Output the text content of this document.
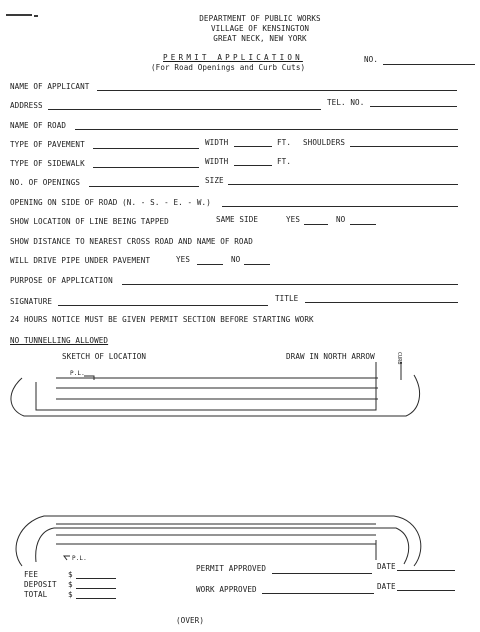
DEPARTMENT OF PUBLIC WORKS
VILLAGE OF KENSINGTON
GREAT NECK, NEW YORK
PERMIT APPLICATION
(For Road Openings and Curb Cuts)
NO.
NAME OF APPLICANT
ADDRESS	TEL. NO.
NAME OF ROAD
TYPE OF PAVEMENT	WIDTH	FT. SHOULDERS
TYPE OF SIDEWALK	WIDTH	FT.
NO. OF OPENINGS	SIZE
OPENING ON SIDE OF ROAD (N. - S. - E. - W.)
SHOW LOCATION OF LINE BEING TAPPED	SAME SIDE	YES	NO
SHOW DISTANCE TO NEAREST CROSS ROAD AND NAME OF ROAD
WILL DRIVE PIPE UNDER PAVEMENT	YES	NO
PURPOSE OF APPLICATION
SIGNATURE	TITLE
24 HOURS NOTICE MUST BE GIVEN PERMIT SECTION BEFORE STARTING WORK
NO TUNNELLING ALLOWED
SKETCH OF LOCATION	DRAW IN NORTH ARROW
P.L.
CURB
P.L.
FEE	$
DEPOSIT $
TOTAL	$
PERMIT APPROVED	DATE
WORK APPROVED	DATE
(OVER)
